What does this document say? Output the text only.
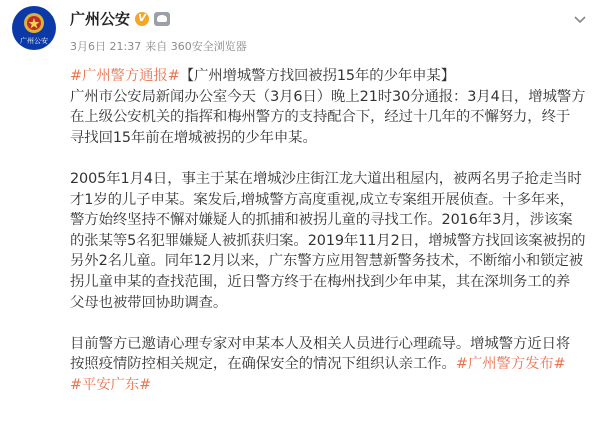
广州公安
广州公安 V
3月6日 21:37 来自 360安全浏览器

#广州警方通报#【广州增城警方找回被拐15年的少年申某】

广州市公安局新闻办公室今天（3月6日）晚上21时30分通报：3月4日，增城警方

在上级公安机关的指挥和梅州警方的支持配合下，经过十几年的不懈努力，终于

寻找回15年前在增城被拐的少年申某。

2005年1月4日，事主于某在增城沙庄街江龙大道出租屋内，被两名男子抢走当时

才1岁的儿子申某。案发后,增城警方高度重视,成立专案组开展侦查。十多年来，

警方始终坚持不懈对嫌疑人的抓捕和被拐儿童的寻找工作。2016年3月，涉该案

的张某等5名犯罪嫌疑人被抓获归案。2019年11月2日，增城警方找回该案被拐的

另外2名儿童。同年12月以来，广东警方应用智慧新警务技术，不断缩小和锁定被

拐儿童申某的查找范围，近日警方终于在梅州找到少年申某，其在深圳务工的养

父母也被带回协助调查。

目前警方已邀请心理专家对申某本人及相关人员进行心理疏导。增城警方近日将

按照疫情防控相关规定，在确保安全的情况下组织认亲工作。#广州警方发布#

#平安广东#
